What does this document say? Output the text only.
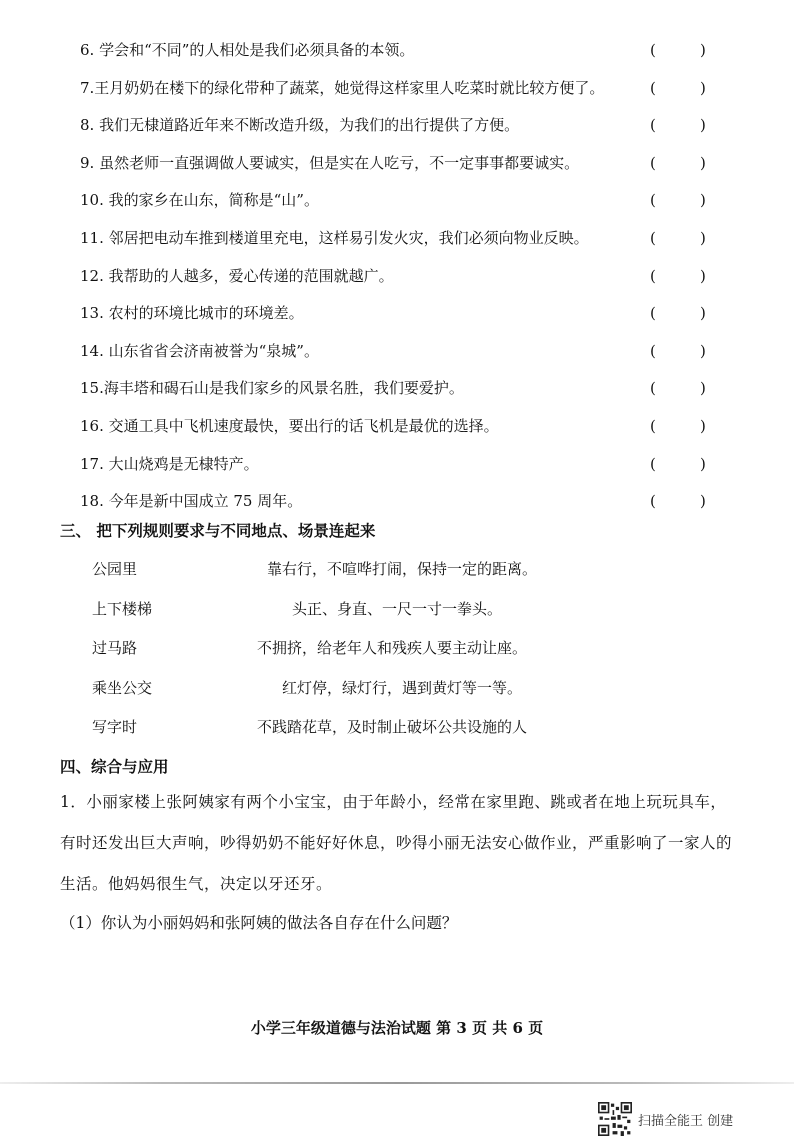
6. 学会和“不同”的人相处是我们必须具备的本领。	(	)
7.王月奶奶在楼下的绿化带种了蔬菜，她觉得这样家里人吃菜时就比较方便了。	(	)
8. 我们无棣道路近年来不断改造升级，为我们的出行提供了方便。	(	)
9. 虽然老师一直强调做人要诚实，但是实在人吃亏，不一定事事都要诚实。	(	)
10. 我的家乡在山东，简称是“山”。	(	)
11. 邻居把电动车推到楼道里充电，这样易引发火灾，我们必须向物业反映。	(	)
12. 我帮助的人越多，爱心传递的范围就越广。	(	)
13. 农村的环境比城市的环境差。	(	)
14. 山东省省会济南被誉为“泉城”。	(	)
15.海丰塔和碣石山是我们家乡的风景名胜，我们要爱护。	(	)
16. 交通工具中飞机速度最快，要出行的话飞机是最优的选择。	(	)
17. 大山烧鸡是无棣特产。	(	)
18. 今年是新中国成立 75 周年。	(	)
三、 把下列规则要求与不同地点、场景连起来
公园里	靠右行，不喧哗打闹，保持一定的距离。
上下楼梯	头正、身直、一尺一寸一拳头。
过马路	不拥挤，给老年人和残疾人要主动让座。
乘坐公交	红灯停，绿灯行，遇到黄灯等一等。
写字时	不践踏花草，及时制止破坏公共设施的人
四、综合与应用
1．小丽家楼上张阿姨家有两个小宝宝，由于年龄小，经常在家里跑、跳或者在地上玩玩具车，有时还发出巨大声响，吵得奶奶不能好好休息，吵得小丽无法安心做作业，严重影响了一家人的生活。他妈妈很生气，决定以牙还牙。
（1）你认为小丽妈妈和张阿姨的做法各自存在什么问题？
小学三年级道德与法治试题 第 3 页 共 6 页
扫描全能王 创建
